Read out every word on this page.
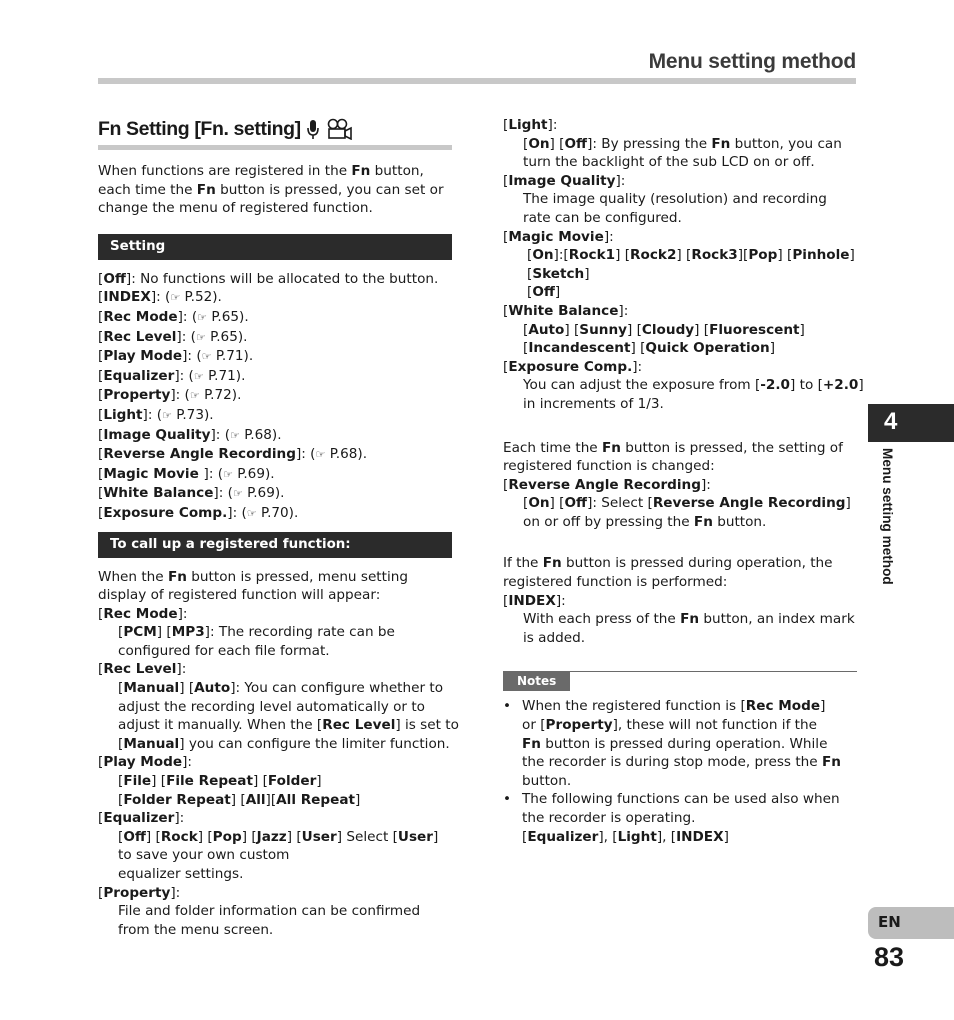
Menu setting method
Fn Setting [Fn. setting]
When functions are registered in the Fn button,
each time the Fn button is pressed, you can set or
change the menu of registered function.
Setting
[Off]: No functions will be allocated to the button.
[INDEX]: (☞ P.52).
[Rec Mode]: (☞ P.65).
[Rec Level]: (☞ P.65).
[Play Mode]: (☞ P.71).
[Equalizer]: (☞ P.71).
[Property]: (☞ P.72).
[Light]: (☞ P.73).
[Image Quality]: (☞ P.68).
[Reverse Angle Recording]: (☞ P.68).
[Magic Movie ]: (☞ P.69).
[White Balance]: (☞ P.69).
[Exposure Comp.]: (☞ P.70).
To call up a registered function:
When the Fn button is pressed, menu setting
display of registered function will appear:
[Rec Mode]:
[PCM] [MP3]: The recording rate can be
configured for each file format.
[Rec Level]:
[Manual] [Auto]: You can configure whether to
adjust the recording level automatically or to
adjust it manually. When the [Rec Level] is set to
[Manual] you can configure the limiter function.
[Play Mode]:
[File] [File Repeat] [Folder]
[Folder Repeat] [All][All Repeat]
[Equalizer]:
[Off] [Rock] [Pop] [Jazz] [User] Select [User]
to save your own custom
equalizer settings.
[Property]:
File and folder information can be confirmed
from the menu screen.
[Light]:
[On] [Off]: By pressing the Fn button, you can
turn the backlight of the sub LCD on or off.
[Image Quality]:
The image quality (resolution) and recording
rate can be configured.
[Magic Movie]:
[On]:[Rock1] [Rock2] [Rock3][Pop] [Pinhole]
[Sketch]
[Off]
[White Balance]:
[Auto] [Sunny] [Cloudy] [Fluorescent]
[Incandescent] [Quick Operation]
[Exposure Comp.]:
You can adjust the exposure from [-2.0] to [+2.0]
in increments of 1/3.
Each time the Fn button is pressed, the setting of
registered function is changed:
[Reverse Angle Recording]:
[On] [Off]: Select [Reverse Angle Recording]
on or off by pressing the Fn button.
If the Fn button is pressed during operation, the
registered function is performed:
[INDEX]:
With each press of the Fn button, an index mark
is added.
Notes
• When the registered function is [Rec Mode]
or [Property], these will not function if the
Fn button is pressed during operation. While
the recorder is during stop mode, press the Fn
button.
• The following functions can be used also when
the recorder is operating.
[Equalizer], [Light], [INDEX]
4
Menu setting method
EN
83
